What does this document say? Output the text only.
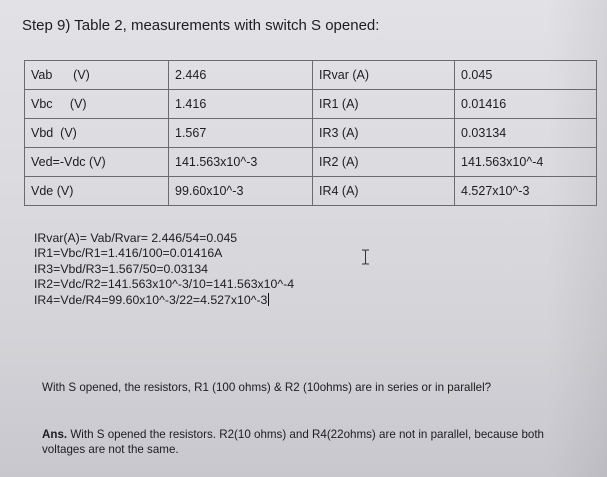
Step 9) Table 2, measurements with switch S opened:
Vab      (V)	2.446	IRvar (A)	0.045
Vbc     (V)	1.416	IR1 (A)	0.01416
Vbd  (V)	1.567	IR3 (A)	0.03134
Ved=-Vdc (V)	141.563x10^-3	IR2 (A)	141.563x10^-4
Vde (V)	99.60x10^-3	IR4 (A)	4.527x10^-3
IRvar(A)= Vab/Rvar= 2.446/54=0.045
IR1=Vbc/R1=1.416/100=0.01416A
IR3=Vbd/R3=1.567/50=0.03134
IR2=Vdc/R2=141.563x10^-3/10=141.563x10^-4
IR4=Vde/R4=99.60x10^-3/22=4.527x10^-3
With S opened, the resistors, R1 (100 ohms) & R2 (10ohms) are in series or in parallel?
Ans. With S opened the resistors. R2(10 ohms) and R4(22ohms) are not in parallel, because both voltages are not the same.
